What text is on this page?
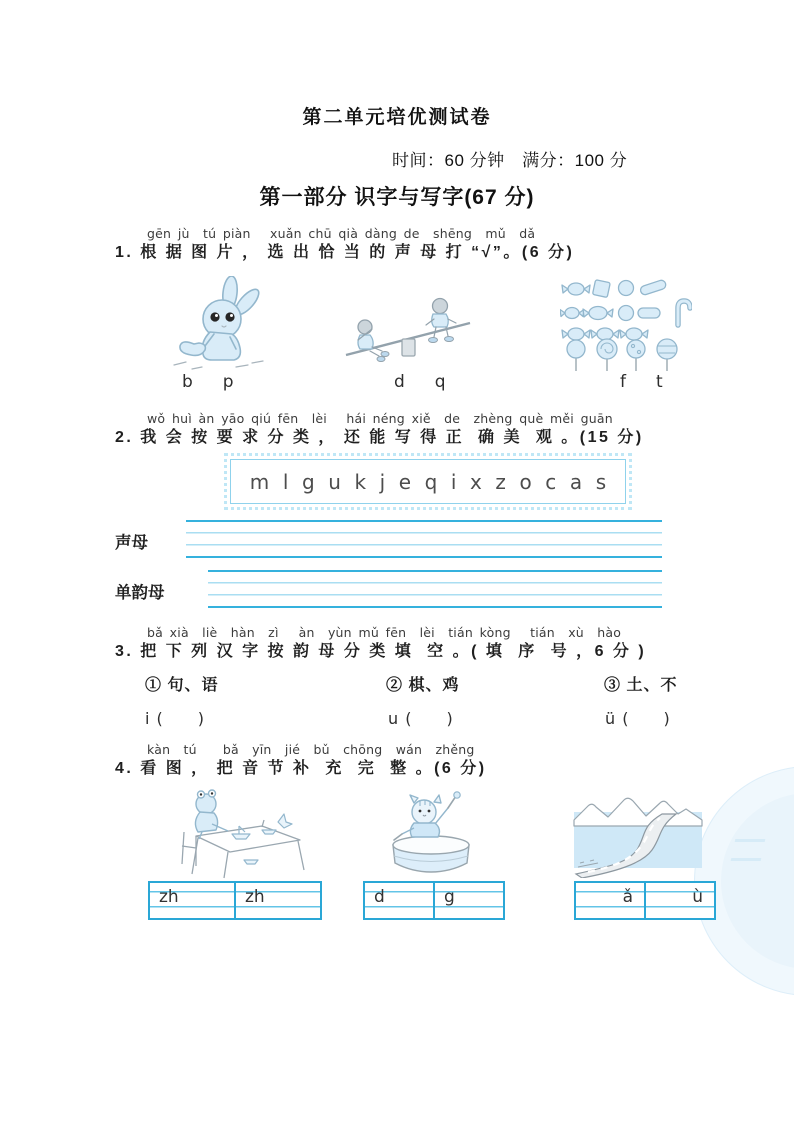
第二单元培优测试卷
时间：60 分钟　满分：100 分
第一部分 识字与写字(67 分)
gēn jù  tú piàn　 xuǎn chū qià dàng de  shēng  mǔ  dǎ
1. 根 据 图 片 ， 选 出 恰 当 的 声 母 打 “√”。(6 分)
b p	d q	f t
wǒ huì àn yāo qiú fēn  lèi　 hái néng xiě  de  zhèng què měi guān
2. 我 会 按 要 求 分 类 ， 还 能 写 得 正  确 美  观 。(15 分)
m l g u k j e q i x z o c a s
声母
单韵母
bǎ xià  liè  hàn  zì   àn  yùn mǔ fēn  lèi  tián kòng　 tián  xù  hào
3. 把 下 列 汉 字 按 韵 母 分 类 填  空 。( 填  序  号 ，6 分 )
① 句、语	② 棋、鸡	③ 土、不
i (　　)	u (　　)	ü (　　)
kàn  tú　  bǎ  yīn  jié  bǔ  chōng  wán  zhěng
4. 看 图 ， 把 音 节 补  充  完  整 。(6 分)
zh	zh	d	g	ǎ	ù
